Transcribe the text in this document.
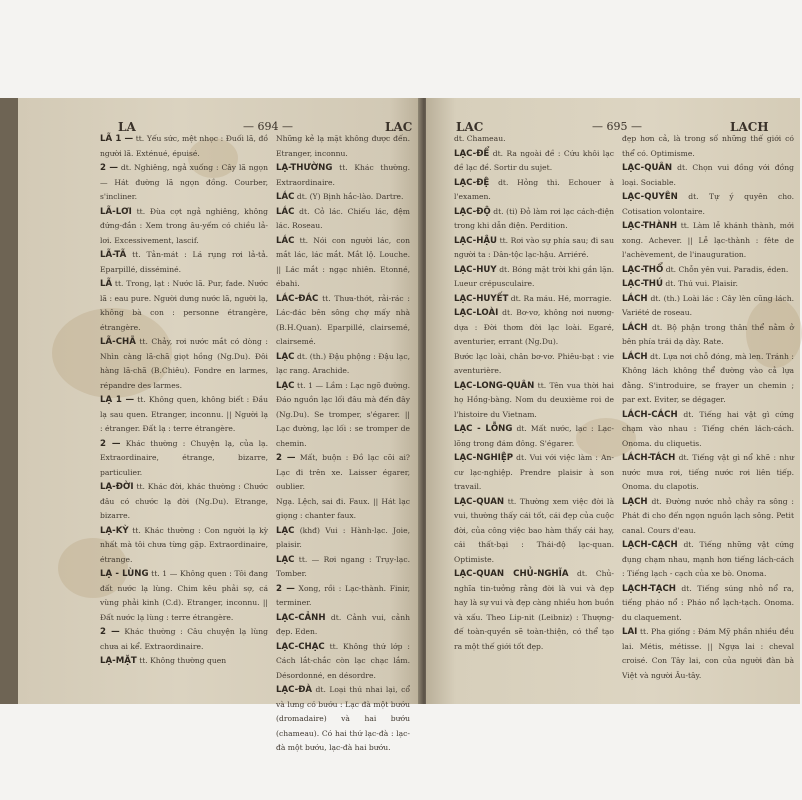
LA	— 694 —	LAC

LÃ 1 — tt. Yếu sức, mệt nhọc : Đuối lã, đồ người lã. Exténué, épuisé.

2 — dt. Nghiêng, ngả xuống : Cây lã ngọn — Hát đường lã ngọn đồng. Courber, s'incliner.

LÃ-LƠI tt. Đùa cợt ngả nghiêng, không đứng-đắn : Xem trong âu-yếm có chiều lả-lơi. Excessivement, lascif.

LÃ-TÃ tt. Tản-mát : Lá rụng rơi lả-tả. Eparpillé, disséminé.

LÃ tt. Trong, lạt : Nước lã. Pur, fade. Nước lã : eau pure. Người dưng nước lã, người lạ, không bà con : personne étrangère, étrangère.

LÃ-CHÃ tt. Chảy, rơi nước mắt có dòng : Nhìn càng lã-chã giọt hồng (Ng.Du). Đôi hàng lã-chã (B.Chiêu). Fondre en larmes, répandre des larmes.

LẠ 1 — tt. Không quen, không biết : Đầu lạ sau quen. Etranger, inconnu. || Người lạ : étranger. Đất lạ : terre étrangère.

2 — Khác thường : Chuyện lạ, của lạ. Extraordinaire, étrange, bizarre, particulier.

LẠ-ĐỜI tt. Khác đời, khác thường : Chước đâu có chước lạ đời (Ng.Du). Etrange, bizarre.

LẠ-KỲ tt. Khác thường : Con người lạ kỳ nhất mà tôi chưa từng gặp. Extraordinaire, étrange.

LẠ - LÙNG tt. 1 — Không quen : Tôi đang đất nước lạ lùng. Chim kêu phải sợ, cá vùng phải kinh (C.d). Etranger, inconnu. || Đất nước lạ lùng : terre étrangère.

2 — Khác thường : Câu chuyện lạ lùng chưa ai kể. Extraordinaire.

LẠ-MẶT tt. Không thường quen

Những kẻ lạ mặt không được đến. Etranger, inconnu.

LẠ-THƯỜNG tt. Khác thường. Extraordinaire.

LÁC dt. (Y) Bịnh hắc-lào. Dartre.

LÁC dt. Cỏ lác. Chiếu lác, đệm lác. Roseau.

LÁC tt. Nói con người lác, con mắt lác, lác mắt. Mắt lộ. Louche. || Lác mắt : ngạc nhiên. Etonné, ébahi.

LÁC-ĐÁC tt. Thưa-thớt, rải-rác : Lác-đác bên sông chợ mấy nhà (B.H.Quan). Eparpillé, clairsemé, clairsemé.

LẠC dt. (th.) Đậu phộng : Đậu lạc, lạc rang. Arachide.

LẠC tt. 1 — Lầm : Lạc ngõ đường. Đáo nguồn lạc lối đâu mà đến đây (Ng.Du). Se tromper, s'égarer. || Lạc đường, lạc lối : se tromper de chemin.

2 — Mất, buộn : Đồ lạc cõi ai? Lạc đi trên xe. Laisser égarer, oublier.

Ngạ. Lệch, sai đi. Faux. || Hát lạc giọng : chanter faux.

LẠC (khđ) Vui : Hành-lạc. Joie, plaisir.

LẠC tt. — Rơi ngang : Trụy-lạc. Tomber.

2 — Xong, rồi : Lạc-thành. Finir, terminer.

LẠC-CẢNH dt. Cảnh vui, cảnh đẹp. Eden.

LẠC-CHẠC tt. Không thứ lớp : Cách lắt-chắc còn lạc chạc lắm. Désordonné, en désordre.

LẠC-ĐÀ dt. Loại thú nhai lại, cổ và lưng có bướu : Lạc đà một bướu (dromadaire) và hai bướu (chameau). Có hai thứ lạc-đà : lạc-đà một bướu, lạc-đà hai bướu.

LAC	— 695 —	LACH

dt. Chameau.

LẠC-ĐỂ dt. Ra ngoài đề : Cứu khôi lạc đề lạc đề. Sortir du sujet.

LẠC-ĐỆ dt. Hỏng thi. Echouer à l'examen.

LẠC-ĐỘ dt. (ti) Đỏ làm rơi lạc cách-điện trong khi dẫn điện. Perdition.

LẠC-HẬU tt. Rơi vào sự phía sau; đi sau người ta : Dân-tộc lạc-hậu. Arriéré.

LẠC-HUY dt. Bóng mặt trời khi gần lặn. Lueur crépusculaire.

LẠC-HUYẾT dt. Ra máu. Hé, morragie.

LẠC-LOÀI dt. Bơ-vơ, không nơi nương-dựa : Đời thơm đời lạc loài. Egaré, aventurier, errant (Ng.Du).

Bước lạc loài, chân bơ-vơ. Phiêu-bạt : vie aventurière.

LẠC-LONG-QUÂN tt. Tên vua thời hai họ Hồng-bàng. Nom du deuxième roi de l'histoire du Vietnam.

LẠC - LỖNG dt. Mất nước, lạc : Lạc-lõng trong đám đông. S'égarer.

LẠC-NGHIỆP dt. Vui với việc làm : An-cư lạc-nghiệp. Prendre plaisir à son travail.

LẠC-QUAN tt. Thường xem việc đời là vui, thường thấy cái tốt, cái đẹp của cuộc đời, của công việc bao hàm thấy cái hay, cái thất-bại : Thái-độ lạc-quan. Optimiste.

LẠC-QUAN CHỦ-NGHĨA dt. Chủ-nghĩa tin-tưởng rằng đời là vui và đẹp hay là sự vui và đẹp càng nhiều hơn buồn và xấu. Theo Lip-nit (Leibniz) : Thượng-đế toàn-quyền sẽ toàn-thiện, có thể tạo ra một thế giới tốt đẹp.

đẹp hơn cả, là trong số những thế giới có thể có. Optimisme.

LẠC-QUÂN dt. Chọn vui đồng với đồng loại. Sociable.

LẠC-QUYÊN dt. Tự ý quyên cho. Cotisation volontaire.

LẠC-THÀNH tt. Làm lễ khánh thành, mới xong. Achever. || Lễ lạc-thành : fête de l'achèvement, de l'inauguration.

LẠC-THỔ dt. Chỗn yên vui. Paradis, éden.

LẠC-THÚ dt. Thú vui. Plaisir.

LÁCH dt. (th.) Loài lác : Cây lèn cũng lách. Variété de roseau.

LÁCH dt. Bộ phận trong thân thể nằm ở bên phía trái dạ dày. Rate.

LÁCH dt. Lựa nơi chỗ đóng, mà len. Tránh : Không lách không thể đường vào cả lựa đằng. S'introduire, se frayer un chemin ; par ext. Eviter, se dégager.

LÁCH-CÁCH dt. Tiếng hai vật gì cứng chạm vào nhau : Tiếng chén lách-cách. Onoma. du cliquetis.

LÁCH-TÁCH dt. Tiếng vật gì nổ khẽ : như nước mưa rơi, tiếng nước rơi liên tiếp. Onoma. du clapotis.

LẠCH dt. Đường nước nhỏ chảy ra sông : Phát đi cho đến ngọn nguồn lạch sông. Petit canal. Cours d'eau.

LẠCH-CẠCH dt. Tiếng những vật cứng đụng chạm nhau, mạnh hơn tiếng lách-cách : Tiếng lạch - cạch của xe bò. Onoma.

LẠCH-TẠCH dt. Tiếng súng nhỏ nổ ra, tiếng pháo nổ : Pháo nổ lạch-tạch. Onoma. du claquement.

LAI tt. Pha giống : Đám Mỹ phần nhiều đều lai. Métis, métisse. || Ngựa lai : cheval croisé. Con Tây lai, con của người đàn bà Việt và người Âu-tây.
